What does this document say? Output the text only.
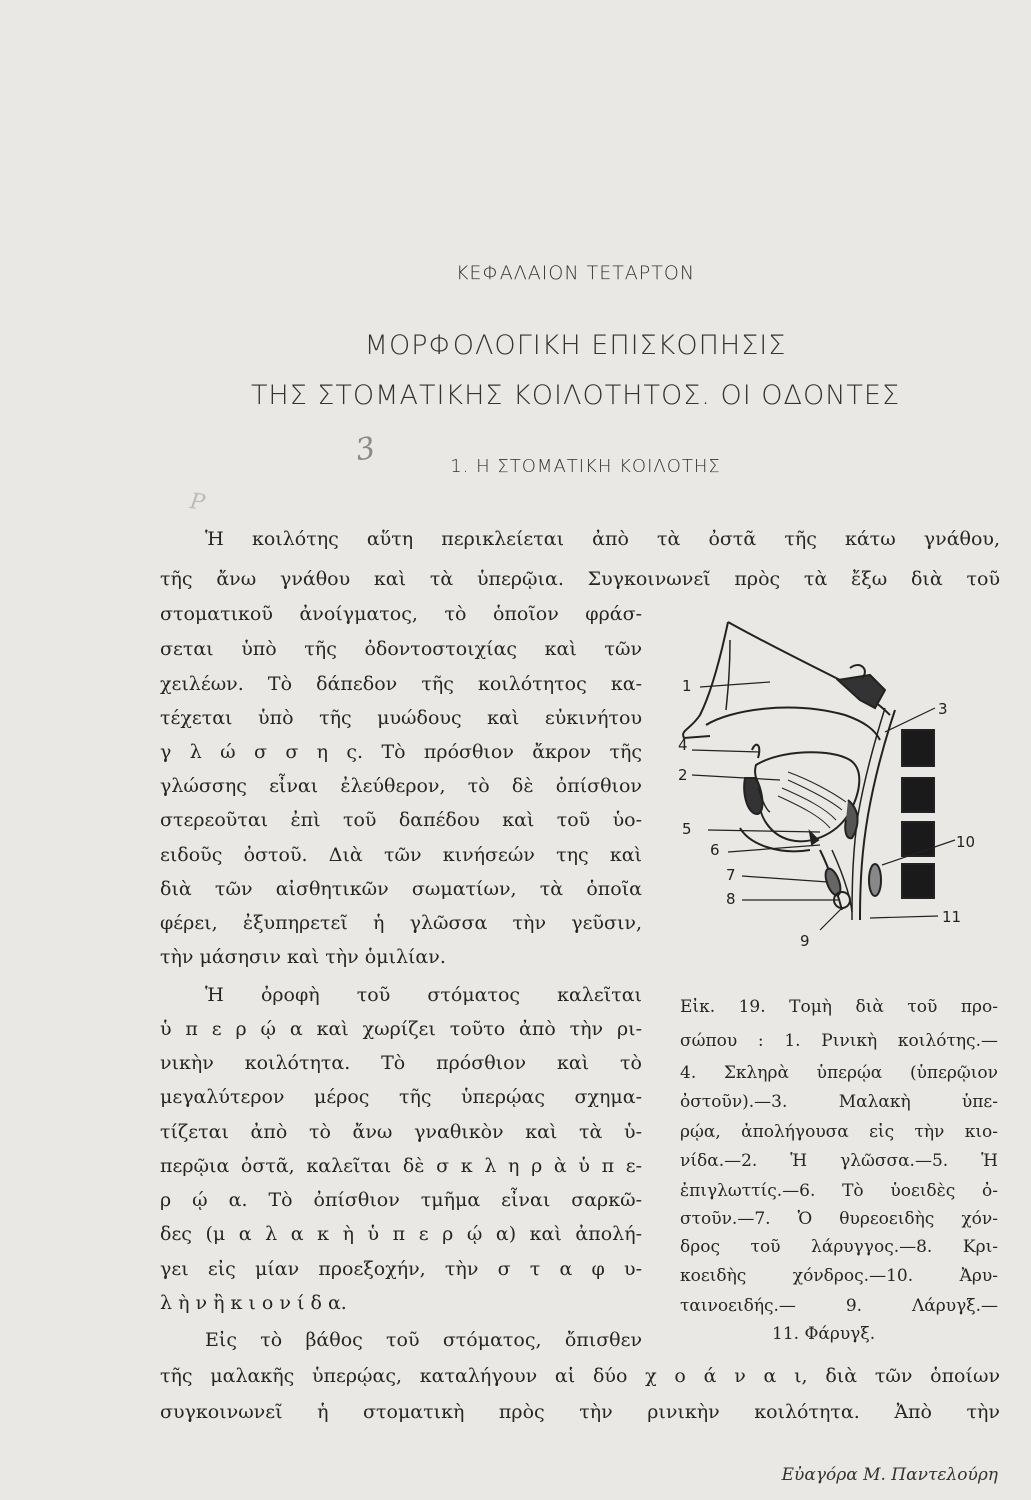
ΚΕΦΑΛΑΙΟΝ ΤΕΤΑΡΤΟΝ
ΜΟΡΦΟΛΟΓΙΚΗ ΕΠΙΣΚΟΠΗΣΙΣ
ΤΗΣ ΣΤΟΜΑΤΙΚΗΣ ΚΟΙΛΟΤΗΤΟΣ. ΟΙ ΟΔΟΝΤΕΣ
3
P
1. Η ΣΤΟΜΑΤΙΚΗ ΚΟΙΛΟΤΗΣ
Ἡ κοιλότης αὕτη περικλείεται ἀπὸ τὰ ὀστᾶ τῆς κάτω γνάθου,
τῆς ἄνω γνάθου καὶ τὰ ὑπερῷια. Συγκοινωνεῖ πρὸς τὰ ἔξω διὰ τοῦ
στοματικοῦ ἀνοίγματος, τὸ ὁποῖον φράσ-
σεται ὑπὸ τῆς ὀδοντοστοιχίας καὶ τῶν
χειλέων. Τὸ δάπεδον τῆς κοιλότητος κα-
τέχεται ὑπὸ τῆς μυώδους καὶ εὐκινήτου
γ λ ώ σ σ η ς. Τὸ πρόσθιον ἄκρον τῆς
γλώσσης εἶναι ἐλεύθερον, τὸ δὲ ὀπίσθιον
στερεοῦται ἐπὶ τοῦ δαπέδου καὶ τοῦ ὑο-
ειδοῦς ὀστοῦ. Διὰ τῶν κινήσεών της καὶ
διὰ τῶν αἰσθητικῶν σωματίων, τὰ ὁποῖα
φέρει, ἐξυπηρετεῖ ἡ γλῶσσα τὴν γεῦσιν,
τὴν μάσησιν καὶ τὴν ὁμιλίαν.
Ἡ ὀροφὴ τοῦ στόματος καλεῖται
ὑ π ε ρ ῴ α καὶ χωρίζει τοῦτο ἀπὸ τὴν ρι-
νικὴν κοιλότητα. Τὸ πρόσθιον καὶ τὸ
μεγαλύτερον μέρος τῆς ὑπερῴας σχημα-
τίζεται ἀπὸ τὸ ἄνω γναθικὸν καὶ τὰ ὑ-
περῷια ὀστᾶ, καλεῖται δὲ σ κ λ η ρ ὰ ὑ π ε-
ρ ῴ α. Τὸ ὀπίσθιον τμῆμα εἶναι σαρκῶ-
δες (μ α λ α κ ὴ ὑ π ε ρ ῴ α) καὶ ἀπολή-
γει εἰς μίαν προεξοχήν, τὴν σ τ α φ υ-
λ ὴ ν ἢ κ ι ο ν ί δ α.
Εἰς τὸ βάθος τοῦ στόματος, ὄπισθεν
τῆς μαλακῆς ὑπερῴας, καταλήγουν αἱ δύο χ ο ά ν α ι, διὰ τῶν ὁποίων
συγκοινωνεῖ ἡ στοματικὴ πρὸς τὴν ρινικὴν κοιλότητα. Ἀπὸ τὴν
1
3
4
2
5
6	10
7
8
11
9
Εἰκ. 19. Τομὴ διὰ τοῦ προ-
σώπου : 1. Ρινικὴ κοιλότης.—
4. Σκληρὰ ὑπερῴα (ὑπερῷιον
ὀστοῦν).—3. Μαλακὴ ὑπε-
ρῴα, ἀπολήγουσα εἰς τὴν κιο-
νίδα.—2. Ἡ γλῶσσα.—5. Ἡ
ἐπιγλωττίς.—6. Τὸ ὑοειδὲς ὀ-
στοῦν.—7. Ὁ θυρεοειδὴς χόν-
δρος τοῦ λάρυγγος.—8. Κρι-
κοειδὴς χόνδρος.—10. Ἀρυ-
ταινοειδής.— 9. Λάρυγξ.—
11. Φάρυγξ.
Εὐαγόρα Μ. Παντελούρη
